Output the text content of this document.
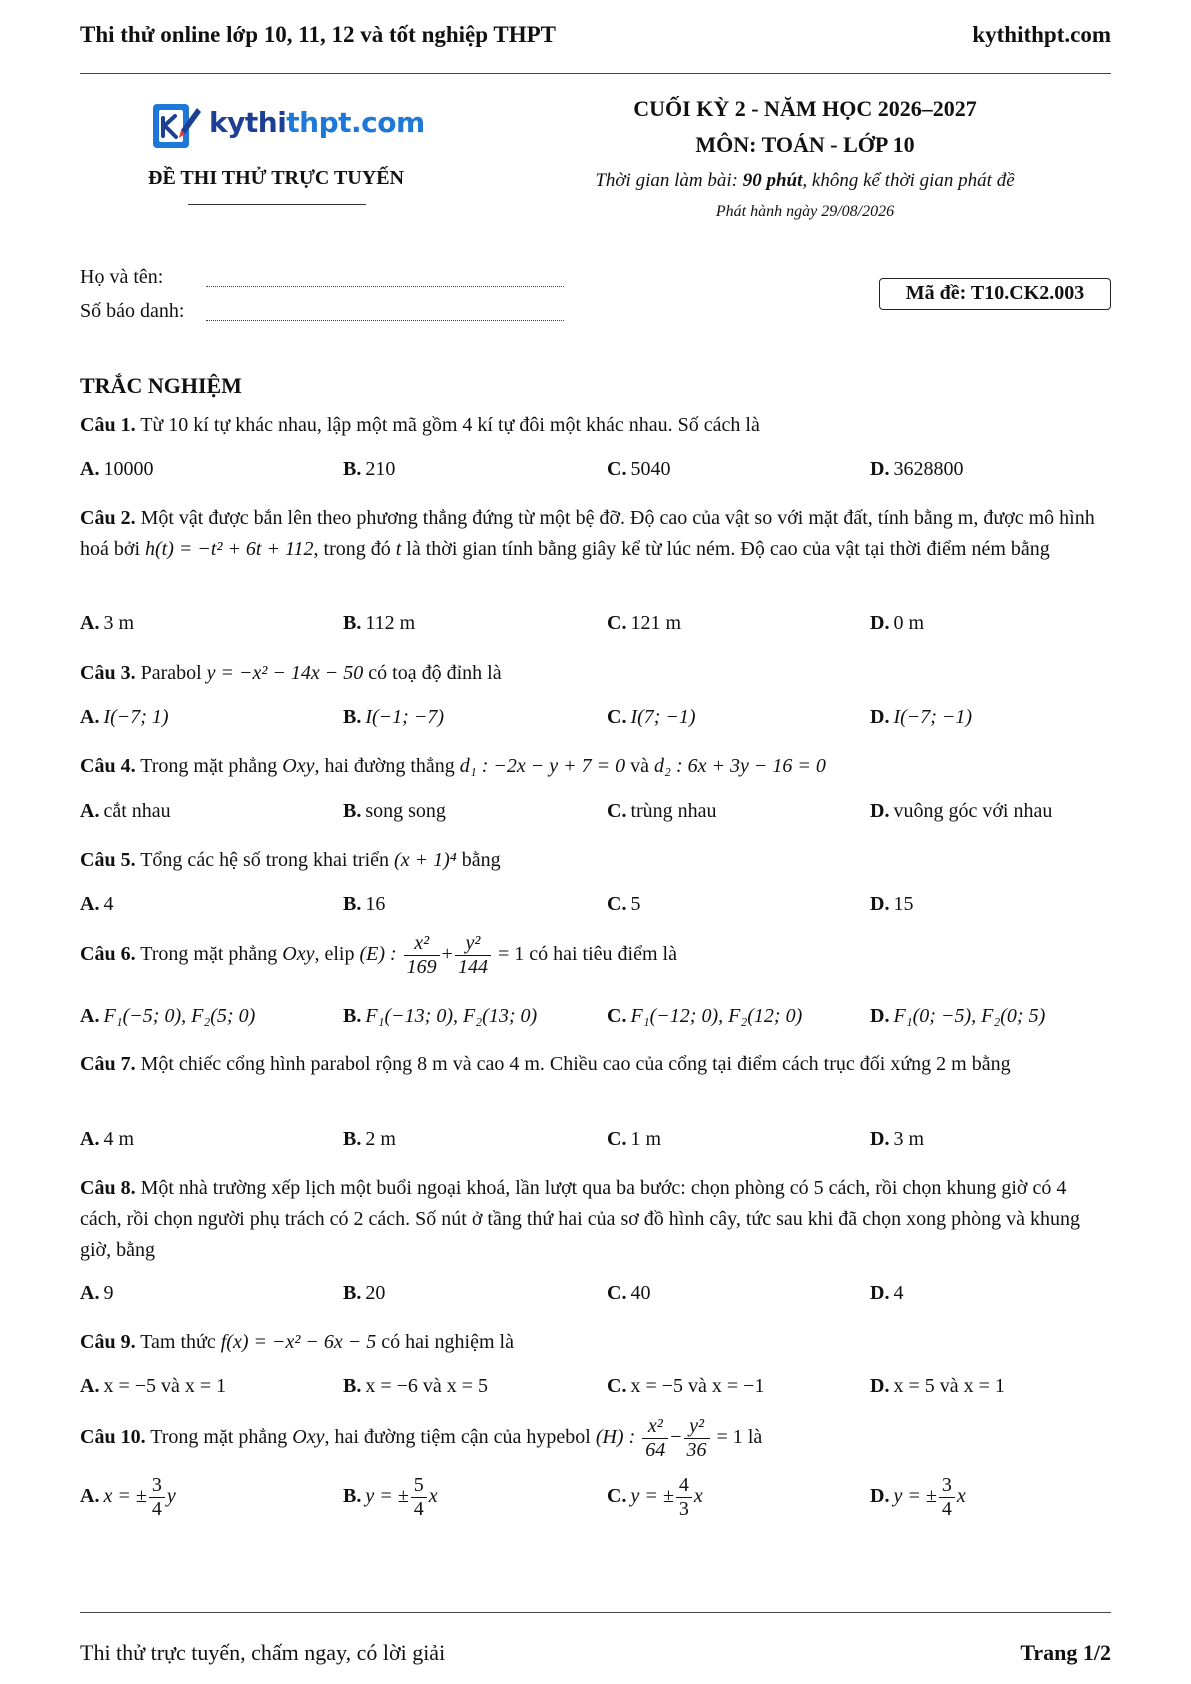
Thi thử online lớp 10, 11, 12 và tốt nghiệp THPT	kythithpt.com
kythithpt.com
ĐỀ THI THỬ TRỰC TUYẾN
CUỐI KỲ 2 - NĂM HỌC 2026–2027
MÔN: TOÁN - LỚP 10
Thời gian làm bài: 90 phút, không kể thời gian phát đề
Phát hành ngày 29/08/2026
Họ và tên:
Số báo danh:
Mã đề: T10.CK2.003
TRẮC NGHIỆM
Câu 1. Từ 10 kí tự khác nhau, lập một mã gồm 4 kí tự đôi một khác nhau. Số cách là
A. 10000	B. 210	C. 5040	D. 3628800
Câu 2. Một vật được bắn lên theo phương thẳng đứng từ một bệ đỡ. Độ cao của vật so với mặt đất, tính bằng m, được mô hình hoá bởi h(t) = −t² + 6t + 112, trong đó t là thời gian tính bằng giây kể từ lúc ném. Độ cao của vật tại thời điểm ném bằng
A. 3 m	B. 112 m	C. 121 m	D. 0 m
Câu 3. Parabol y = −x² − 14x − 50 có toạ độ đỉnh là
A. I(−7; 1)	B. I(−1; −7)	C. I(7; −1)	D. I(−7; −1)
Câu 4. Trong mặt phẳng Oxy, hai đường thẳng d₁ : −2x − y + 7 = 0 và d₂ : 6x + 3y − 16 = 0
A. cắt nhau	B. song song	C. trùng nhau	D. vuông góc với nhau
Câu 5. Tổng các hệ số trong khai triển (x + 1)⁴ bằng
A. 4	B. 16	C. 5	D. 15
Câu 6. Trong mặt phẳng Oxy, elip (E) : $\frac{\text{x²}}{169} + \frac{\text{y²}}{144} = 1$ có hai tiêu điểm là
A. F₁(−5; 0), F₂(5; 0)	B. F₁(−13; 0), F₂(13; 0)	C. F₁(−12; 0), F₂(12; 0)	D. F₁(0; −5), F₂(0; 5)
Câu 7. Một chiếc cổng hình parabol rộng 8 m và cao 4 m. Chiều cao của cổng tại điểm cách trục đối xứng 2 m bằng
A. 4 m	B. 2 m	C. 1 m	D. 3 m
Câu 8. Một nhà trường xếp lịch một buổi ngoại khoá, lần lượt qua ba bước: chọn phòng có 5 cách, rồi chọn khung giờ có 4 cách, rồi chọn người phụ trách có 2 cách. Số nút ở tầng thứ hai của sơ đồ hình cây, tức sau khi đã chọn xong phòng và khung giờ, bằng
A. 9	B. 20	C. 40	D. 4
Câu 9. Tam thức f(x) = −x² − 6x − 5 có hai nghiệm là
A. x = −5 và x = 1	B. x = −6 và x = 5	C. x = −5 và x = −1	D. x = 5 và x = 1
Câu 10. Trong mặt phẳng Oxy, hai đường tiệm cận của hypebol (H) : $\frac{\text{x²}}{64} - \frac{\text{y²}}{36} = 1$ là
A. x = ± $\frac{3}{4}$ y	B. y = ± $\frac{5}{4}$ x	C. y = ± $\frac{4}{3}$ x	D. y = ± $\frac{3}{4}$ x
Thi thử trực tuyến, chấm ngay, có lời giải	Trang 1/2
